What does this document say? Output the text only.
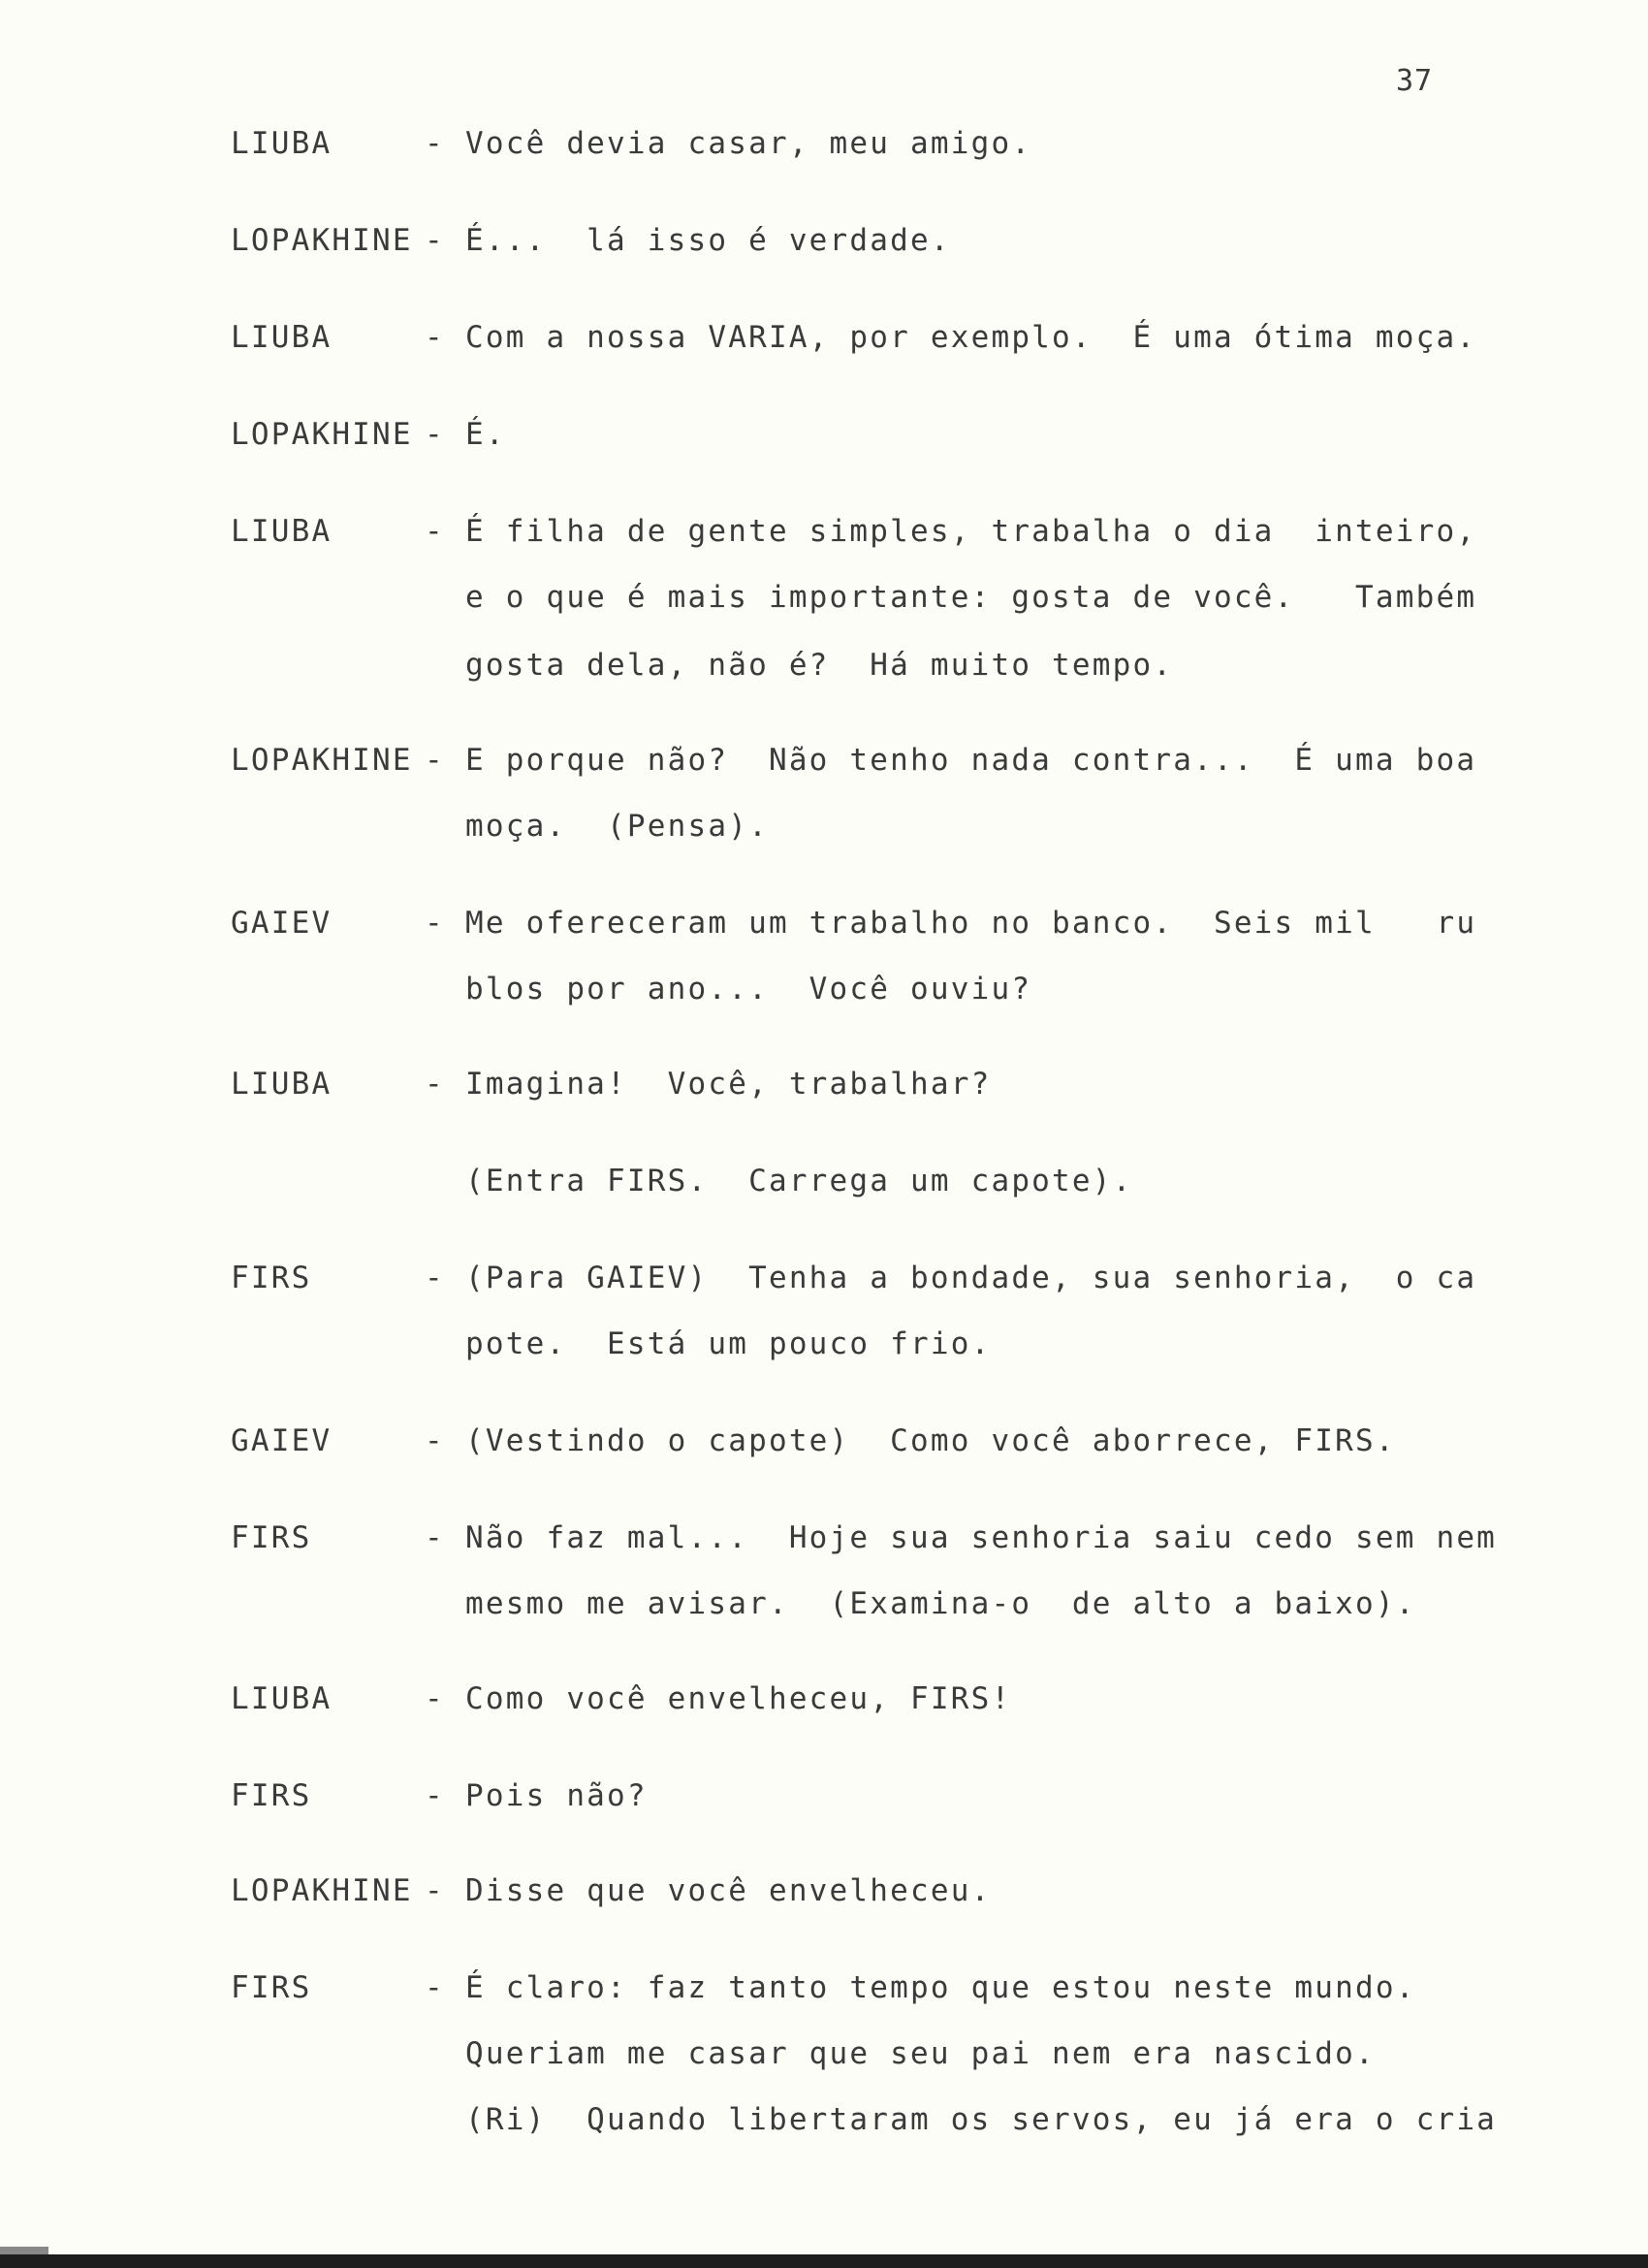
37
LIUBA	- Você devia casar, meu amigo.
LOPAKHINE - É...  lá isso é verdade.
LIUBA	- Com a nossa VARIA, por exemplo.  É uma ótima moça.
LOPAKHINE - É.
LIUBA	- É filha de gente simples, trabalha o dia  inteiro,
e o que é mais importante: gosta de você.   Também
gosta dela, não é?  Há muito tempo.
LOPAKHINE - E porque não?  Não tenho nada contra...  É uma boa
moça.  (Pensa).
GAIEV	- Me ofereceram um trabalho no banco.  Seis mil   ru
blos por ano...  Você ouviu?
LIUBA	- Imagina!  Você, trabalhar?
(Entra FIRS.  Carrega um capote).
FIRS	- (Para GAIEV)  Tenha a bondade, sua senhoria,  o ca
pote.  Está um pouco frio.
GAIEV	- (Vestindo o capote)  Como você aborrece, FIRS.
FIRS	- Não faz mal...  Hoje sua senhoria saiu cedo sem nem
mesmo me avisar.  (Examina-o  de alto a baixo).
LIUBA	- Como você envelheceu, FIRS!
FIRS	- Pois não?
LOPAKHINE - Disse que você envelheceu.
FIRS	- É claro: faz tanto tempo que estou neste mundo.
Queriam me casar que seu pai nem era nascido.
(Ri)  Quando libertaram os servos, eu já era o cria
